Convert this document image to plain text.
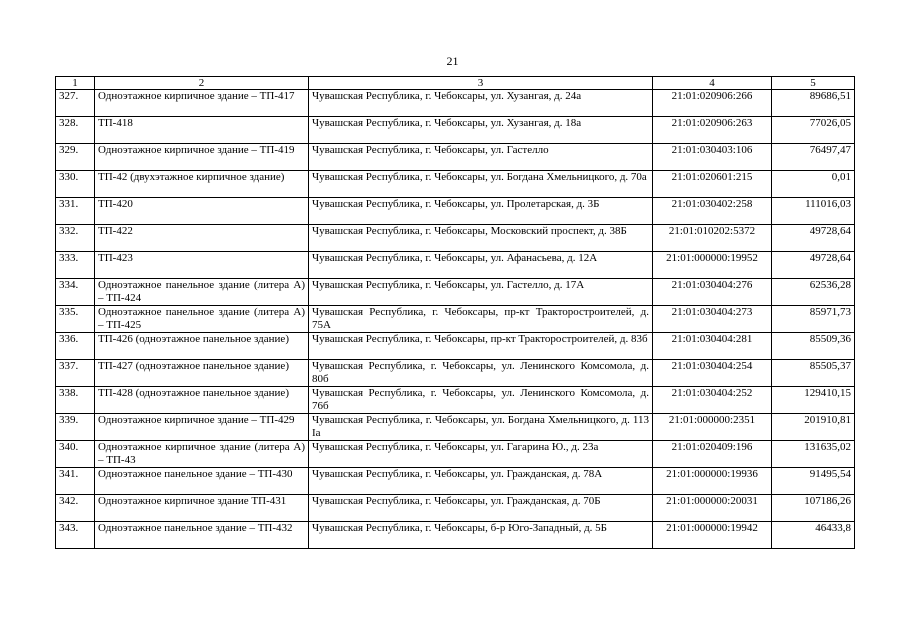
21
1	2	3	4	5
327.	Одноэтажное кирпичное здание – ТП-417	Чувашская Республика, г. Чебоксары, ул. Хузангая, д. 24а	21:01:020906:266	89686,51
328.	ТП-418	Чувашская Республика, г. Чебоксары, ул. Хузангая, д. 18а	21:01:020906:263	77026,05
329.	Одноэтажное кирпичное здание – ТП-419	Чувашская Республика, г. Чебоксары, ул. Гастелло	21:01:030403:106	76497,47
330.	ТП-42 (двухэтажное кирпичное здание)	Чувашская Республика, г. Чебоксары, ул. Богдана Хмельницкого, д. 70а	21:01:020601:215	0,01
331.	ТП-420	Чувашская Республика, г. Чебоксары, ул. Пролетарская, д. 3Б	21:01:030402:258	111016,03
332.	ТП-422	Чувашская Республика, г. Чебоксары, Московский проспект, д. 38Б	21:01:010202:5372	49728,64
333.	ТП-423	Чувашская Республика, г. Чебоксары, ул. Афанасьева, д. 12А	21:01:000000:19952	49728,64
334.	Одноэтажное панельное здание (литера А) – ТП-424	Чувашская Республика, г. Чебоксары, ул. Гастелло, д. 17А	21:01:030404:276	62536,28
335.	Одноэтажное панельное здание (литера А) – ТП-425	Чувашская Республика, г. Чебоксары, пр-кт Тракторостроителей, д. 75А	21:01:030404:273	85971,73
336.	ТП-426 (одноэтажное панельное здание)	Чувашская Республика, г. Чебоксары, пр-кт Тракторостроителей, д. 83б	21:01:030404:281	85509,36
337.	ТП-427 (одноэтажное панельное здание)	Чувашская Республика, г. Чебоксары, ул. Ленинского Комсомола, д. 80б	21:01:030404:254	85505,37
338.	ТП-428 (одноэтажное панельное здание)	Чувашская Республика, г. Чебоксары, ул. Ленинского Комсомола, д. 76б	21:01:030404:252	129410,15
339.	Одноэтажное кирпичное здание – ТП-429	Чувашская Республика, г. Чебоксары, ул. Богдана Хмельницкого, д. 113 Iа	21:01:000000:2351	201910,81
340.	Одноэтажное кирпичное здание (литера А) – ТП-43	Чувашская Республика, г. Чебоксары, ул. Гагарина Ю., д. 23а	21:01:020409:196	131635,02
341.	Одноэтажное панельное здание – ТП-430	Чувашская Республика, г. Чебоксары, ул. Гражданская, д. 78А	21:01:000000:19936	91495,54
342.	Одноэтажное кирпичное здание ТП-431	Чувашская Республика, г. Чебоксары, ул. Гражданская, д. 70Б	21:01:000000:20031	107186,26
343.	Одноэтажное панельное здание – ТП-432	Чувашская Республика, г. Чебоксары, б-р Юго-Западный, д. 5Б	21:01:000000:19942	46433,8
